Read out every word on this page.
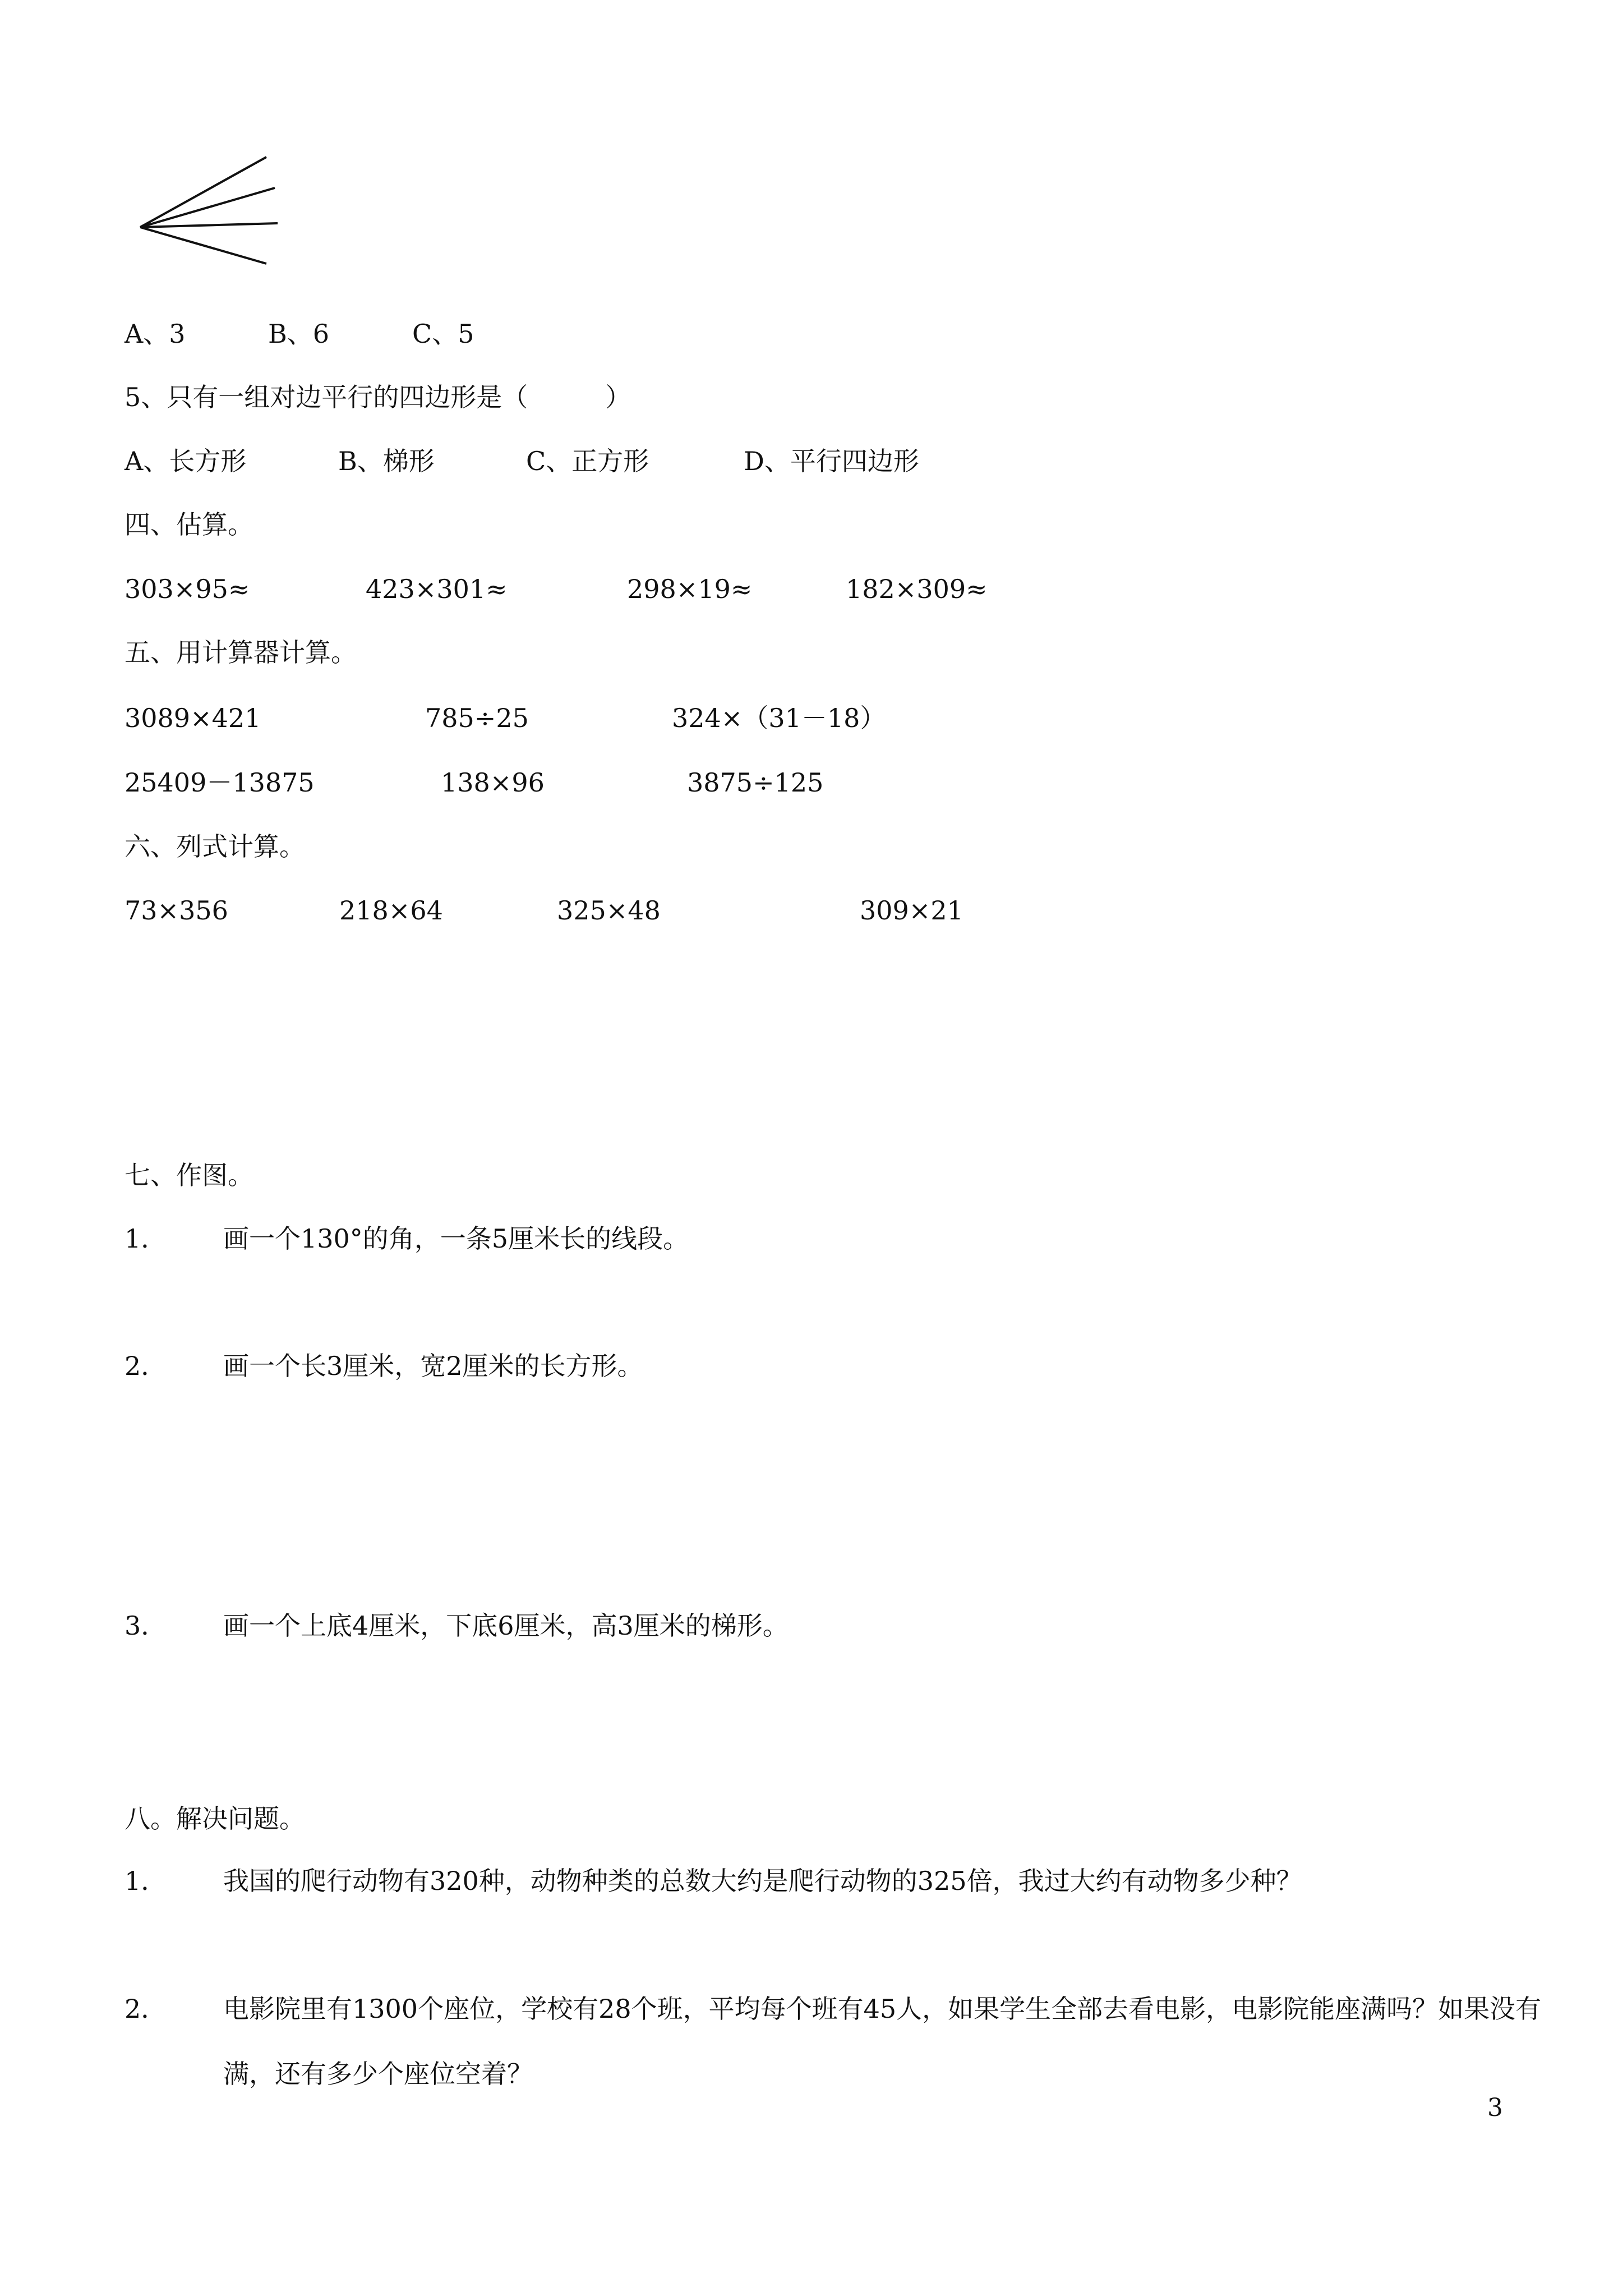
A、3	B、6	C、5
5、只有一组对边平行的四边形是（　　　）
A、长方形	B、梯形	C、正方形	D、平行四边形
四、估算。
303×95≈	423×301≈	298×19≈	182×309≈
五、用计算器计算。
3089×421	785÷25	324×（31－18）
25409－13875	138×96	3875÷125
六、列式计算。
73×356	218×64	325×48	309×21
七、作图。
1． 画一个130°的角，一条5厘米长的线段。
2． 画一个长3厘米，宽2厘米的长方形。
3． 画一个上底4厘米，下底6厘米，高3厘米的梯形。
八。解决问题。
1． 我国的爬行动物有320种，动物种类的总数大约是爬行动物的325倍，我过大约有动物多少种？
2． 电影院里有1300个座位，学校有28个班，平均每个班有45人，如果学生全部去看电影，电影院能座满吗？如果没有满，还有多少个座位空着？
3
